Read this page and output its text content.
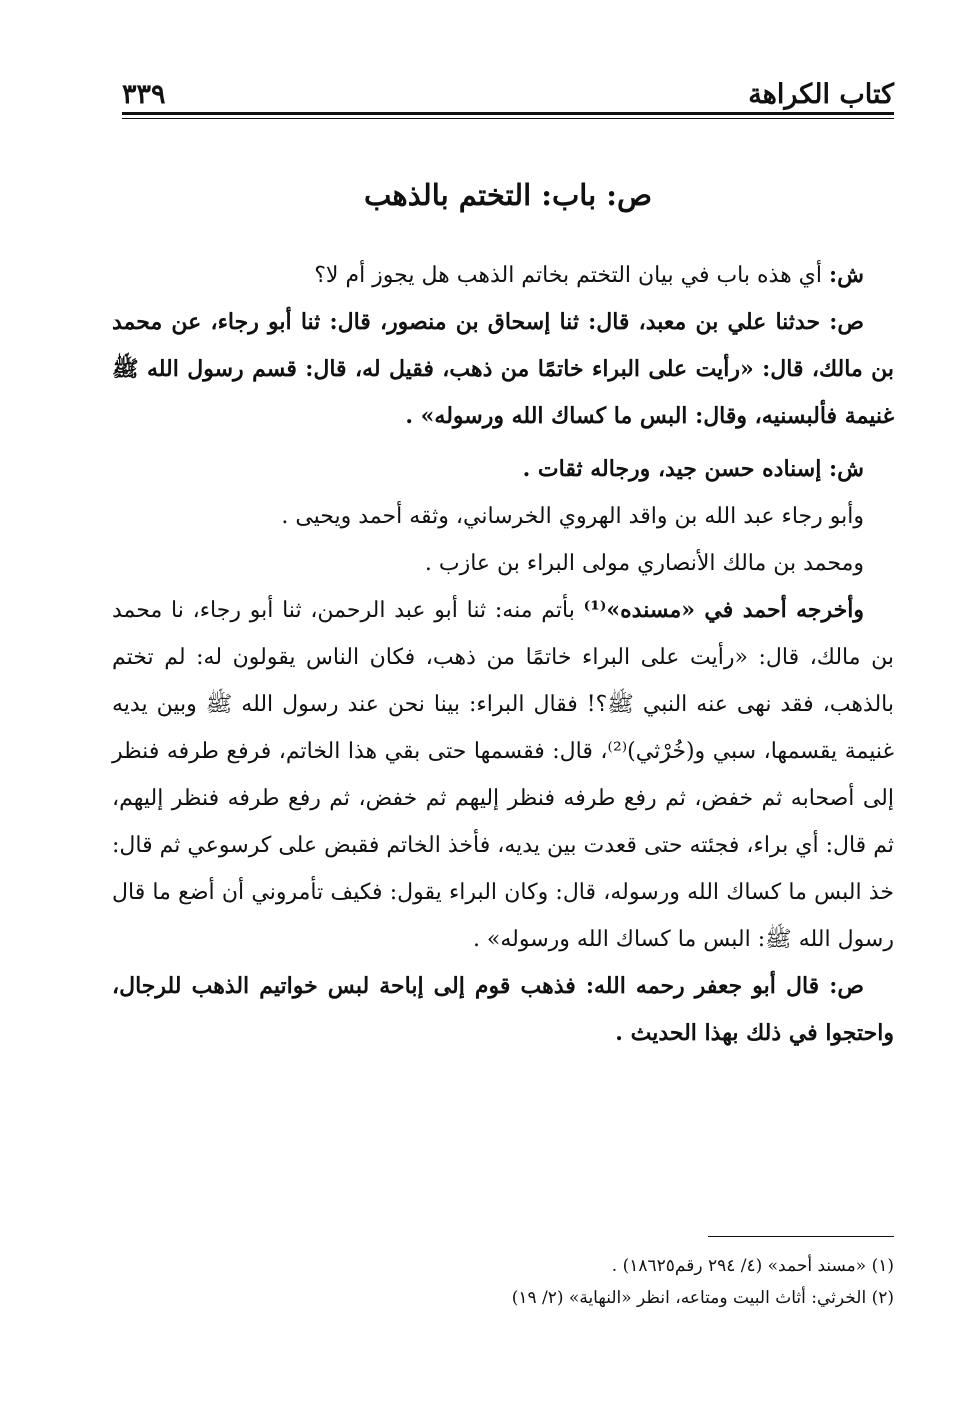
كتاب الكراهة
٣٣٩
ص: باب: التختم بالذهب

ش: أي هذه باب في بيان التختم بخاتم الذهب هل يجوز أم لا؟

ص: حدثنا علي بن معبد، قال: ثنا إسحاق بن منصور، قال: ثنا أبو رجاء، عن محمد بن مالك، قال: «رأيت على البراء خاتمًا من ذهب، فقيل له، قال: قسم رسول الله ﷺ غنيمة فألبسنيه، وقال: البس ما كساك الله ورسوله» .

ش: إسناده حسن جيد، ورجاله ثقات .

وأبو رجاء عبد الله بن واقد الهروي الخرساني، وثقه أحمد ويحيى .

ومحمد بن مالك الأنصاري مولى البراء بن عازب .

وأخرجه أحمد في «مسنده»⁽¹⁾ بأتم منه: ثنا أبو عبد الرحمن، ثنا أبو رجاء، نا محمد بن مالك، قال: «رأيت على البراء خاتمًا من ذهب، فكان الناس يقولون له: لم تختم بالذهب، فقد نهى عنه النبي ﷺ؟! فقال البراء: بينا نحن عند رسول الله ﷺ وبين يديه غنيمة يقسمها، سبي و(خُرْثي)⁽²⁾، قال: فقسمها حتى بقي هذا الخاتم، فرفع طرفه فنظر إلى أصحابه ثم خفض، ثم رفع طرفه فنظر إليهم ثم خفض، ثم رفع طرفه فنظر إليهم، ثم قال: أي براء، فجئته حتى قعدت بين يديه، فأخذ الخاتم فقبض على كرسوعي ثم قال: خذ البس ما كساك الله ورسوله، قال: وكان البراء يقول: فكيف تأمروني أن أضع ما قال رسول الله ﷺ: البس ما كساك الله ورسوله» .

ص: قال أبو جعفر رحمه الله: فذهب قوم إلى إباحة لبس خواتيم الذهب للرجال، واحتجوا في ذلك بهذا الحديث .

(١) «مسند أحمد» (٤/ ٢٩٤ رقم١٨٦٢٥) .

(٢) الخرثي: أثاث البيت ومتاعه، انظر «النهاية» (٢/ ١٩)
